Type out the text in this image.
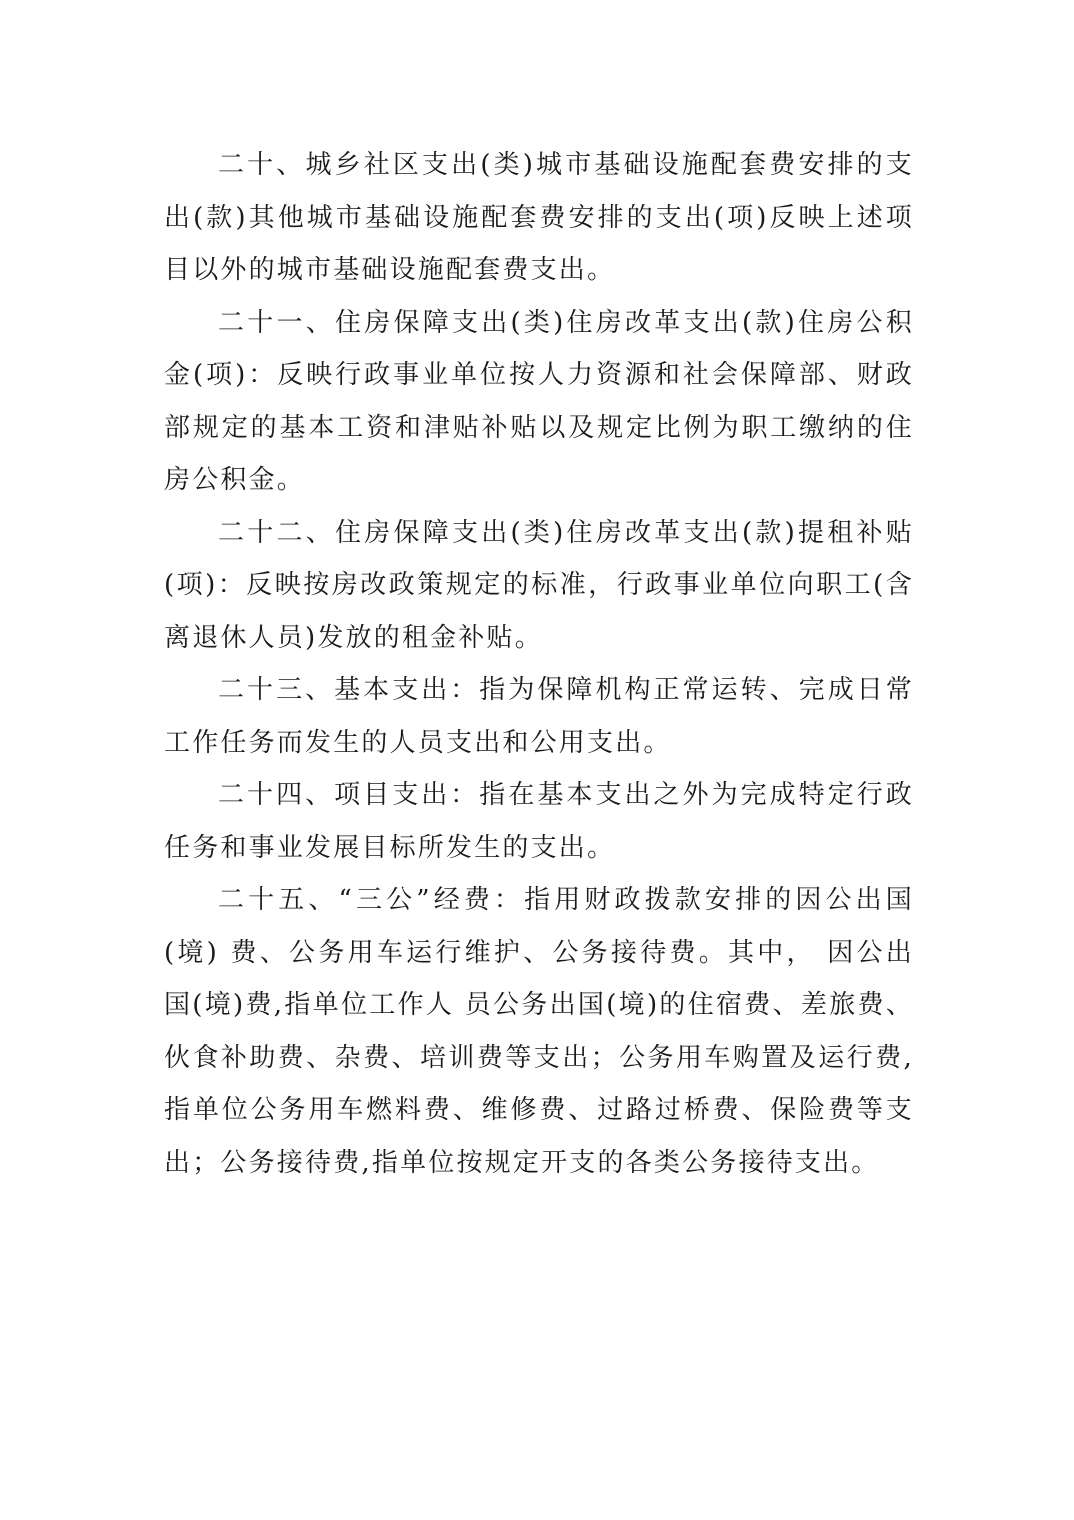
二十、城乡社区支出(类)城市基础设施配套费安排的支出(款)其他城市基础设施配套费安排的支出(项)反映上述项目以外的城市基础设施配套费支出。

二十一、住房保障支出(类)住房改革支出(款)住房公积金(项)：反映行政事业单位按人力资源和社会保障部、财政部规定的基本工资和津贴补贴以及规定比例为职工缴纳的住房公积金。

二十二、住房保障支出(类)住房改革支出(款)提租补贴(项)：反映按房改政策规定的标准，行政事业单位向职工(含离退休人员)发放的租金补贴。

二十三、基本支出：指为保障机构正常运转、完成日常工作任务而发生的人员支出和公用支出。

二十四、项目支出：指在基本支出之外为完成特定行政任务和事业发展目标所发生的支出。

二十五、“三公”经费：指用财政拨款安排的因公出国(境) 费、公务用车运行维护、公务接待费。其中， 因公出国(境)费,指单位工作人 员公务出国(境)的住宿费、差旅费、伙食补助费、杂费、培训费等支出；公务用车购置及运行费,指单位公务用车燃料费、维修费、过路过桥费、保险费等支出；公务接待费,指单位按规定开支的各类公务接待支出。
